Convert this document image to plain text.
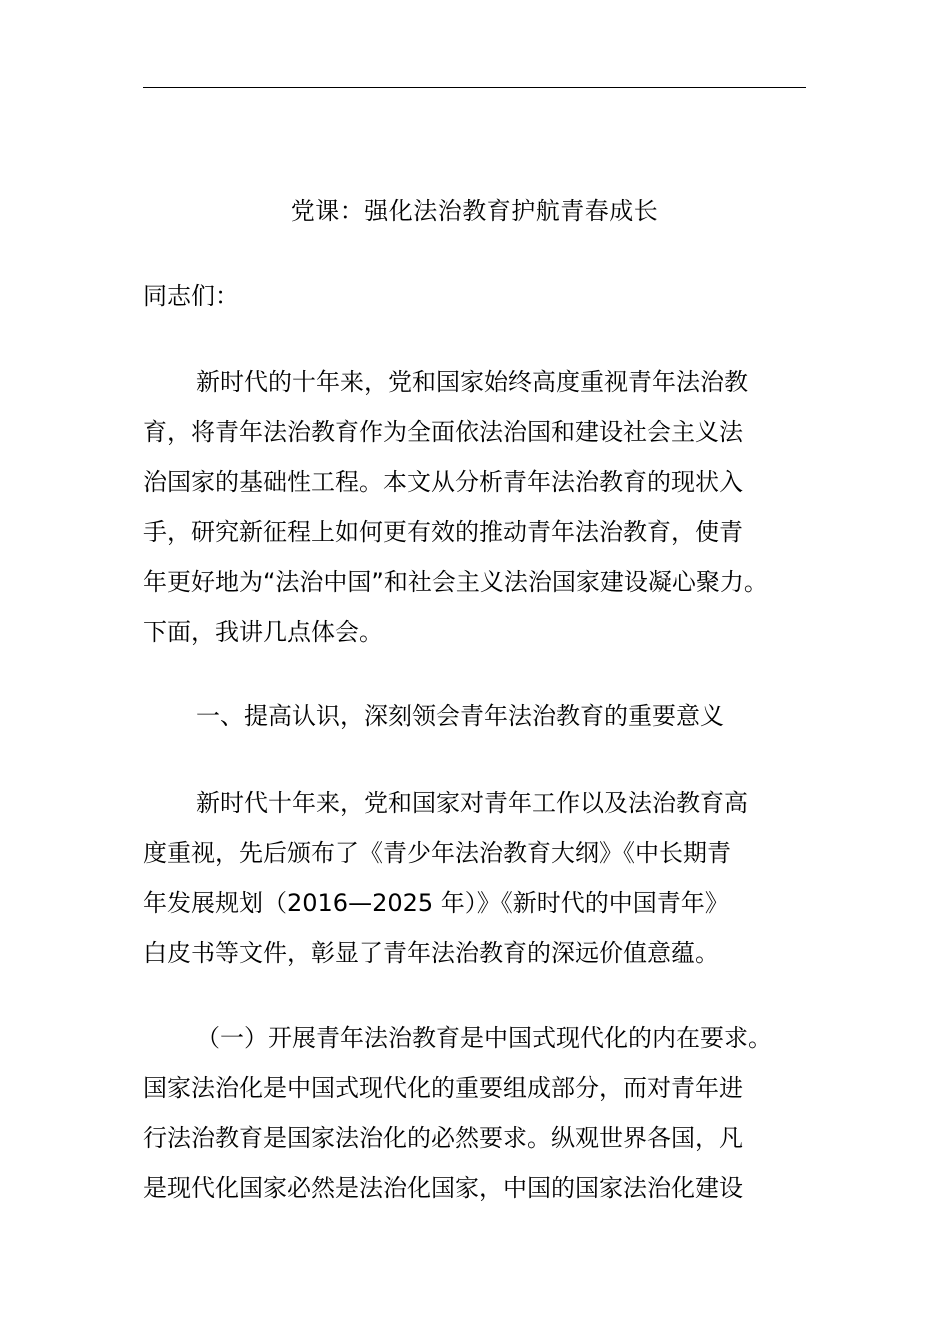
党课：强化法治教育护航青春成长
同志们：
新时代的十年来，党和国家始终高度重视青年法治教
育，将青年法治教育作为全面依法治国和建设社会主义法
治国家的基础性工程。本文从分析青年法治教育的现状入
手，研究新征程上如何更有效的推动青年法治教育，使青
年更好地为“法治中国”和社会主义法治国家建设凝心聚力。
下面，我讲几点体会。
一、提高认识，深刻领会青年法治教育的重要意义
新时代十年来，党和国家对青年工作以及法治教育高
度重视，先后颁布了《青少年法治教育大纲》《中长期青
年发展规划（2016—2025 年）》《新时代的中国青年》
白皮书等文件，彰显了青年法治教育的深远价值意蕴。
（一）开展青年法治教育是中国式现代化的内在要求。
国家法治化是中国式现代化的重要组成部分，而对青年进
行法治教育是国家法治化的必然要求。纵观世界各国，凡
是现代化国家必然是法治化国家，中国的国家法治化建设
